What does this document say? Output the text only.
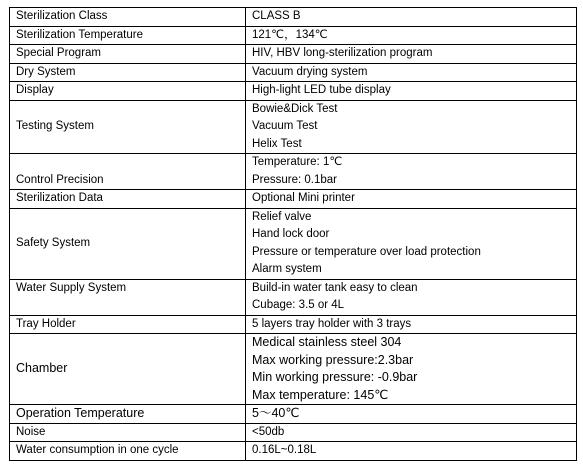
Sterilization Class	CLASS B

Sterilization Temperature	121℃，134℃

Special Program	HIV, HBV long-sterilization program

Dry System	Vacuum drying system

Display	High-light LED tube display

Testing System	Bowie&Dick Test
Vacuum Test
Helix Test

Control Precision	Temperature: 1℃
Pressure: 0.1bar

Sterilization Data	Optional Mini printer

Safety System	Relief valve
Hand lock door
Pressure or temperature over load protection
Alarm system

Water Supply System	Build-in water tank easy to clean
Cubage: 3.5 or 4L

Tray Holder	5 layers tray holder with 3 trays

Chamber	Medical stainless steel 304
Max working pressure:2.3bar
Min working pressure: -0.9bar
Max temperature: 145℃

Operation Temperature	5～40℃

Noise	<50db

Water consumption in one cycle	0.16L~0.18L
